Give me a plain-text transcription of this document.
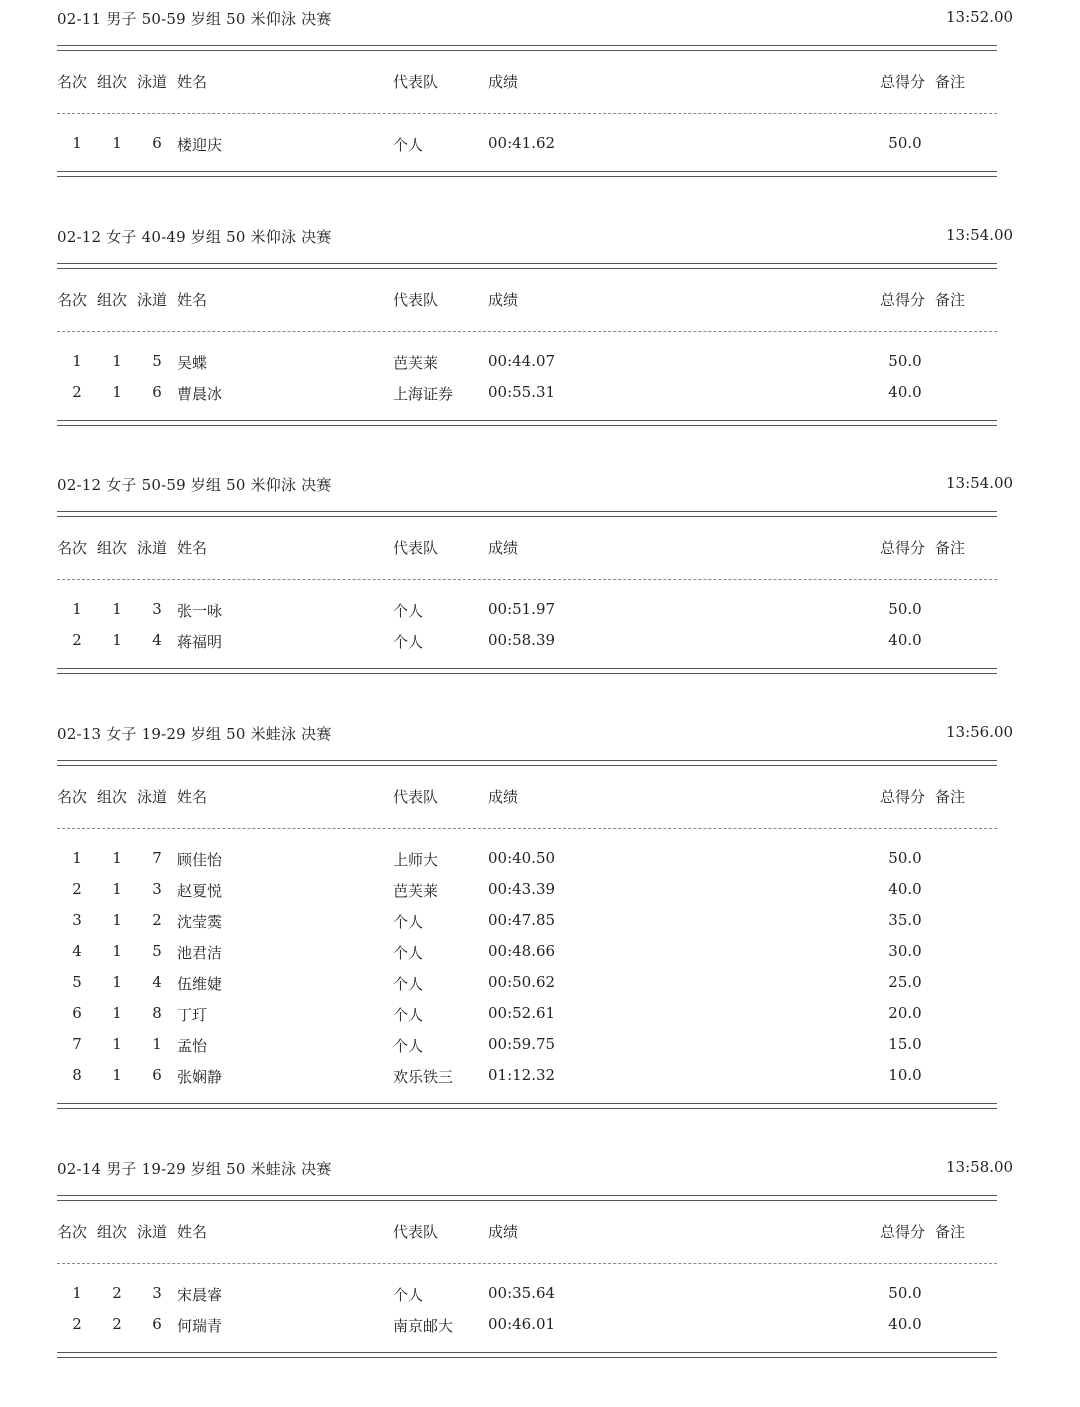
02-11 男子 50-59 岁组 50 米仰泳 决赛	13:52.00
名次 组次 泳道 姓名	代表队	成绩	总得分 备注
1 1 6 楼迎庆	个人	00:41.62	50.0
02-12 女子 40-49 岁组 50 米仰泳 决赛	13:54.00
名次 组次 泳道 姓名	代表队	成绩	总得分 备注
1 1 5 吴蝶	芭芙莱	00:44.07	50.0
2 1 6 曹晨冰	上海证券 00:55.31	40.0
02-12 女子 50-59 岁组 50 米仰泳 决赛	13:54.00
名次 组次 泳道 姓名	代表队	成绩	总得分 备注
1 1 3 张一咏	个人	00:51.97	50.0
2 1 4 蒋福明	个人	00:58.39	40.0
02-13 女子 19-29 岁组 50 米蛙泳 决赛	13:56.00
名次 组次 泳道 姓名	代表队	成绩	总得分 备注
1 1 7 顾佳怡	上师大	00:40.50	50.0
2 1 3 赵夏悦	芭芙莱	00:43.39	40.0
3 1 2 沈莹霙	个人	00:47.85	35.0
4 1 5 池君洁	个人	00:48.66	30.0
5 1 4 伍维婕	个人	00:50.62	25.0
6 1 8 丁玎	个人	00:52.61	20.0
7 1 1 孟怡	个人	00:59.75	15.0
8 1 6 张娴静	欢乐铁三 01:12.32	10.0
02-14 男子 19-29 岁组 50 米蛙泳 决赛	13:58.00
名次 组次 泳道 姓名	代表队	成绩	总得分 备注
1 2 3 宋晨睿	个人	00:35.64	50.0
2 2 6 何瑞青	南京邮大 00:46.01	40.0
